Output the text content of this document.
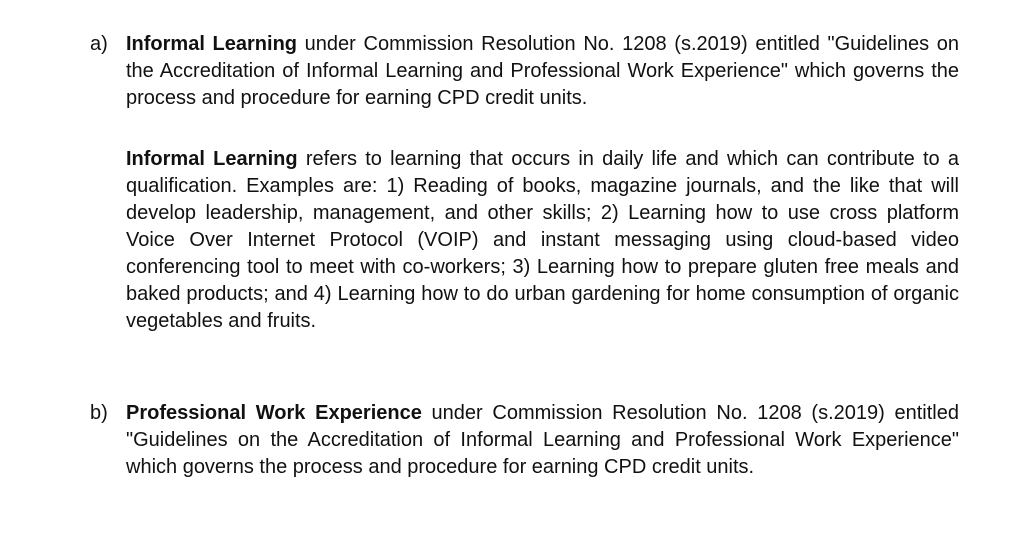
a) Informal Learning under Commission Resolution No. 1208 (s.2019) entitled "Guidelines on the Accreditation of Informal Learning and Professional Work Experience" which governs the process and procedure for earning CPD credit units.

Informal Learning refers to learning that occurs in daily life and which can contribute to a qualification. Examples are: 1) Reading of books, magazine journals, and the like that will develop leadership, management, and other skills; 2) Learning how to use cross platform Voice Over Internet Protocol (VOIP) and instant messaging using cloud-based video conferencing tool to meet with co-workers; 3) Learning how to prepare gluten free meals and baked products; and 4) Learning how to do urban gardening for home consumption of organic vegetables and fruits.

b) Professional Work Experience under Commission Resolution No. 1208 (s.2019) entitled "Guidelines on the Accreditation of Informal Learning and Professional Work Experience" which governs the process and procedure for earning CPD credit units.
